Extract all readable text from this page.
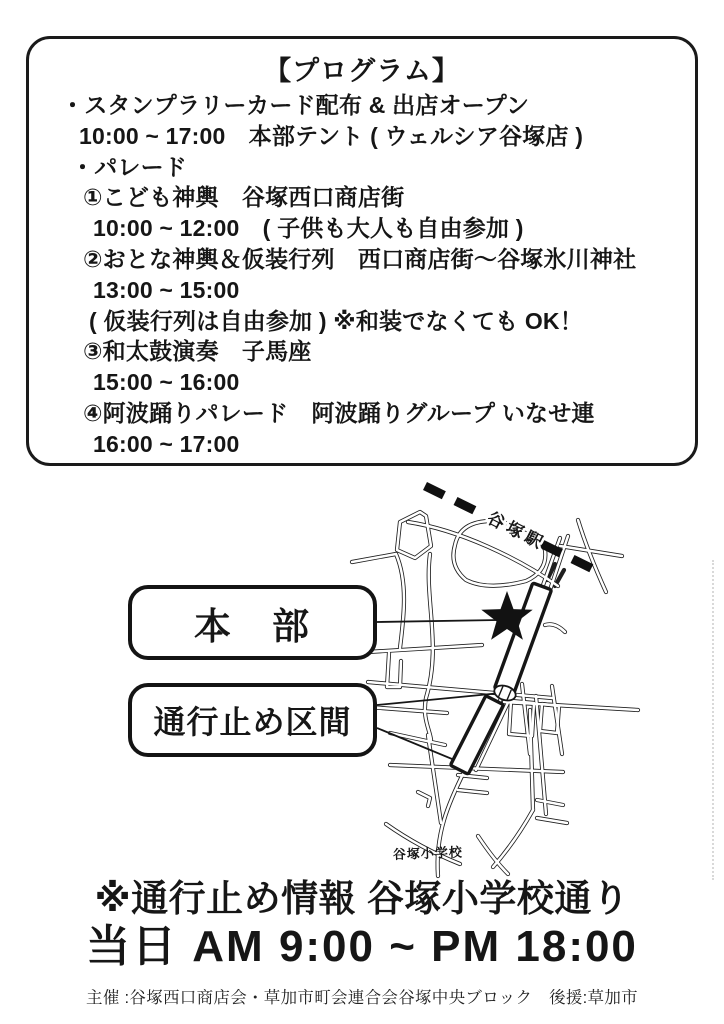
【プログラム】
・スタンプラリーカード配布 & 出店オープン
10:00 ~ 17:00　本部テント ( ウェルシア谷塚店 )
・パレード
①こども神輿　谷塚西口商店街
10:00 ~ 12:00　( 子供も大人も自由参加 )
②おとな神輿＆仮装行列　西口商店街～谷塚氷川神社
13:00 ~ 15:00
( 仮装行列は自由参加 ) ※和装でなくても OK！
③和太鼓演奏　子馬座
15:00 ~ 16:00
④阿波踊りパレード　阿波踊りグループ いなせ連
16:00 ~ 17:00
谷塚駅
谷塚小学校
本　部
通行止め区間
※通行止め情報 谷塚小学校通り
当日 AM 9:00 ~ PM 18:00
主催 :谷塚西口商店会・草加市町会連合会谷塚中央ブロック　後援:草加市
